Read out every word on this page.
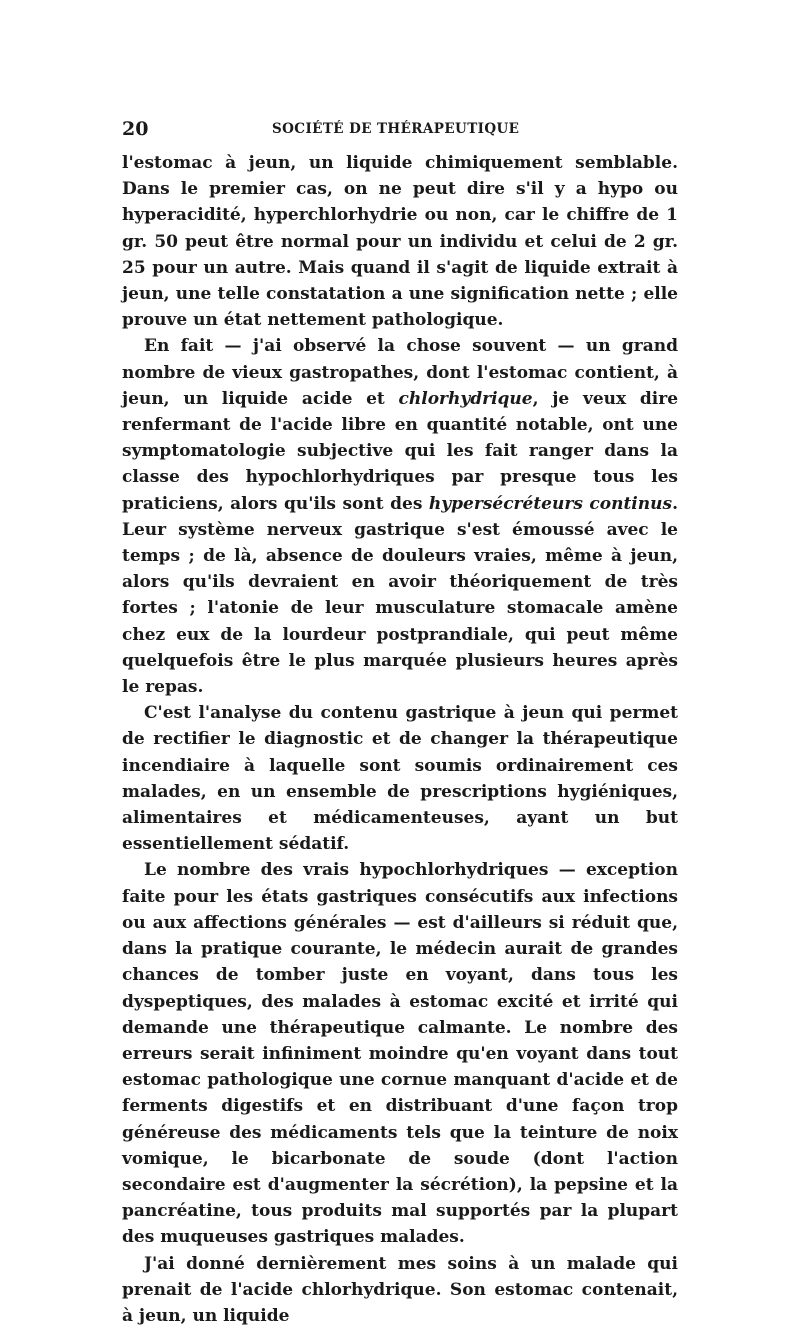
20	SOCIÉTÉ DE THÉRAPEUTIQUE

l'estomac à jeun, un liquide chimiquement semblable. Dans le premier cas, on ne peut dire s'il y a hypo ou hyperacidité, hyperchlorhydrie ou non, car le chiffre de 1 gr. 50 peut être normal pour un individu et celui de 2 gr. 25 pour un autre. Mais quand il s'agit de liquide extrait à jeun, une telle constatation a une signification nette ; elle prouve un état nettement pathologique.

En fait — j'ai observé la chose souvent — un grand nombre de vieux gastropathes, dont l'estomac contient, à jeun, un liquide acide et chlorhydrique, je veux dire renfermant de l'acide libre en quantité notable, ont une symptomatologie subjective qui les fait ranger dans la classe des hypochlorhydriques par presque tous les praticiens, alors qu'ils sont des hypersécréteurs continus. Leur système nerveux gastrique s'est émoussé avec le temps ; de là, absence de douleurs vraies, même à jeun, alors qu'ils devraient en avoir théoriquement de très fortes ; l'atonie de leur musculature stomacale amène chez eux de la lourdeur postprandiale, qui peut même quelquefois être le plus marquée plusieurs heures après le repas.

C'est l'analyse du contenu gastrique à jeun qui permet de rectifier le diagnostic et de changer la thérapeutique incendiaire à laquelle sont soumis ordinairement ces malades, en un ensemble de prescriptions hygiéniques, alimentaires et médicamenteuses, ayant un but essentiellement sédatif.

Le nombre des vrais hypochlorhydriques — exception faite pour les états gastriques consécutifs aux infections ou aux affections générales — est d'ailleurs si réduit que, dans la pratique courante, le médecin aurait de grandes chances de tomber juste en voyant, dans tous les dyspeptiques, des malades à estomac excité et irrité qui demande une thérapeutique calmante. Le nombre des erreurs serait infiniment moindre qu'en voyant dans tout estomac pathologique une cornue manquant d'acide et de ferments digestifs et en distribuant d'une façon trop généreuse des médicaments tels que la teinture de noix vomique, le bicarbonate de soude (dont l'action secondaire est d'augmenter la sécrétion), la pepsine et la pancréatine, tous produits mal supportés par la plupart des muqueuses gastriques malades.

J'ai donné dernièrement mes soins à un malade qui prenait de l'acide chlorhydrique. Son estomac contenait, à jeun, un liquide
